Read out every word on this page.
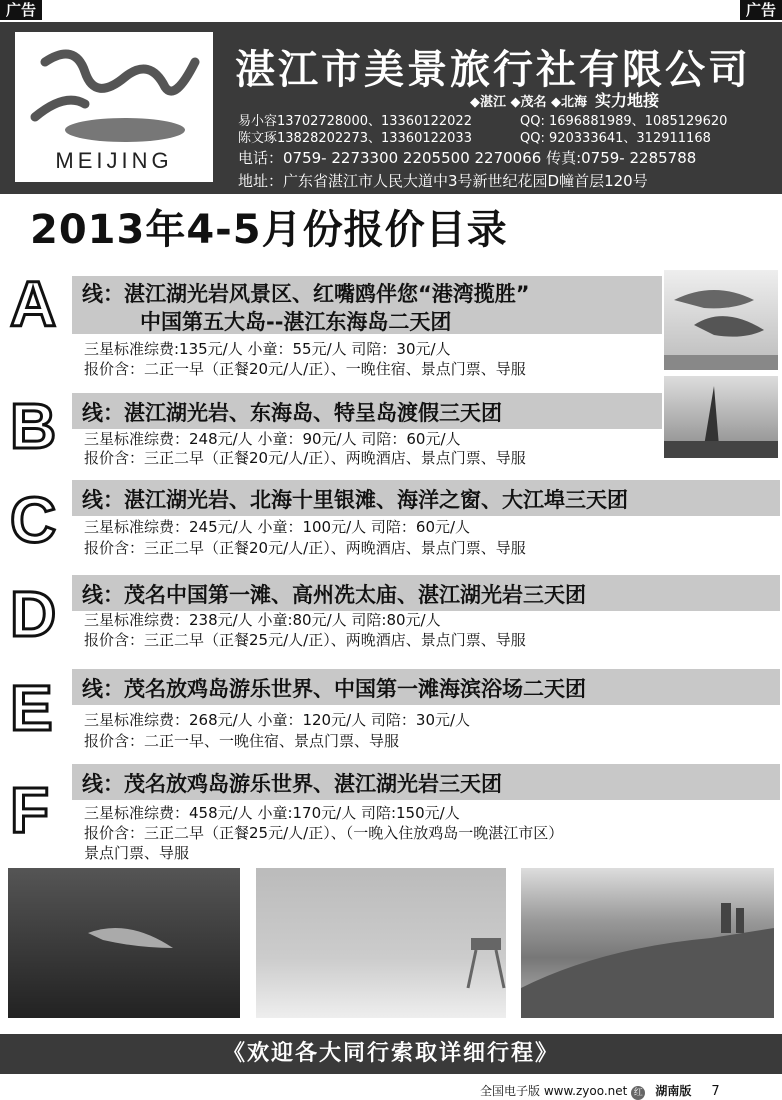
广告	广告
MEIJING
湛江市美景旅行社有限公司
◆湛江 ◆茂名 ◆北海 实力地接
易小容13702728000、13360122022	QQ: 1696881989、1085129620
陈文琢13828202273、13360122033	QQ: 920333641、312911168
电话：0759- 2273300 2205500 2270066 传真:0759- 2285788
地址：广东省湛江市人民大道中3号新世纪花园D幢首层120号
2013年4-5月份报价目录
A 线：湛江湖光岩风景区、红嘴鸥伴您“港湾揽胜”
中国第五大岛--湛江东海岛二天团
三星标准综费:135元/人 小童：55元/人 司陪：30元/人
报价含：二正一早（正餐20元/人/正）、一晚住宿、景点门票、导服
B 线：湛江湖光岩、东海岛、特呈岛渡假三天团
三星标准综费：248元/人 小童：90元/人 司陪：60元/人
报价含：三正二早（正餐20元/人/正）、两晚酒店、景点门票、导服
C 线：湛江湖光岩、北海十里银滩、海洋之窗、大江埠三天团
三星标准综费：245元/人 小童：100元/人 司陪：60元/人
报价含：三正二早（正餐20元/人/正）、两晚酒店、景点门票、导服
D 线：茂名中国第一滩、高州冼太庙、湛江湖光岩三天团
三星标准综费：238元/人 小童:80元/人 司陪:80元/人
报价含：三正二早（正餐25元/人/正）、两晚酒店、景点门票、导服
E 线：茂名放鸡岛游乐世界、中国第一滩海滨浴场二天团
三星标准综费：268元/人 小童：120元/人 司陪：30元/人
报价含：二正一早、一晚住宿、景点门票、导服
F 线：茂名放鸡岛游乐世界、湛江湖光岩三天团
三星标准综费：458元/人 小童:170元/人 司陪:150元/人
报价含：三正二早（正餐25元/人/正）、（一晚入住放鸡岛一晚湛江市区）
景点门票、导服
《欢迎各大同行索取详细行程》
全国电子版 www.zyoo.net 红 湖南版 7
